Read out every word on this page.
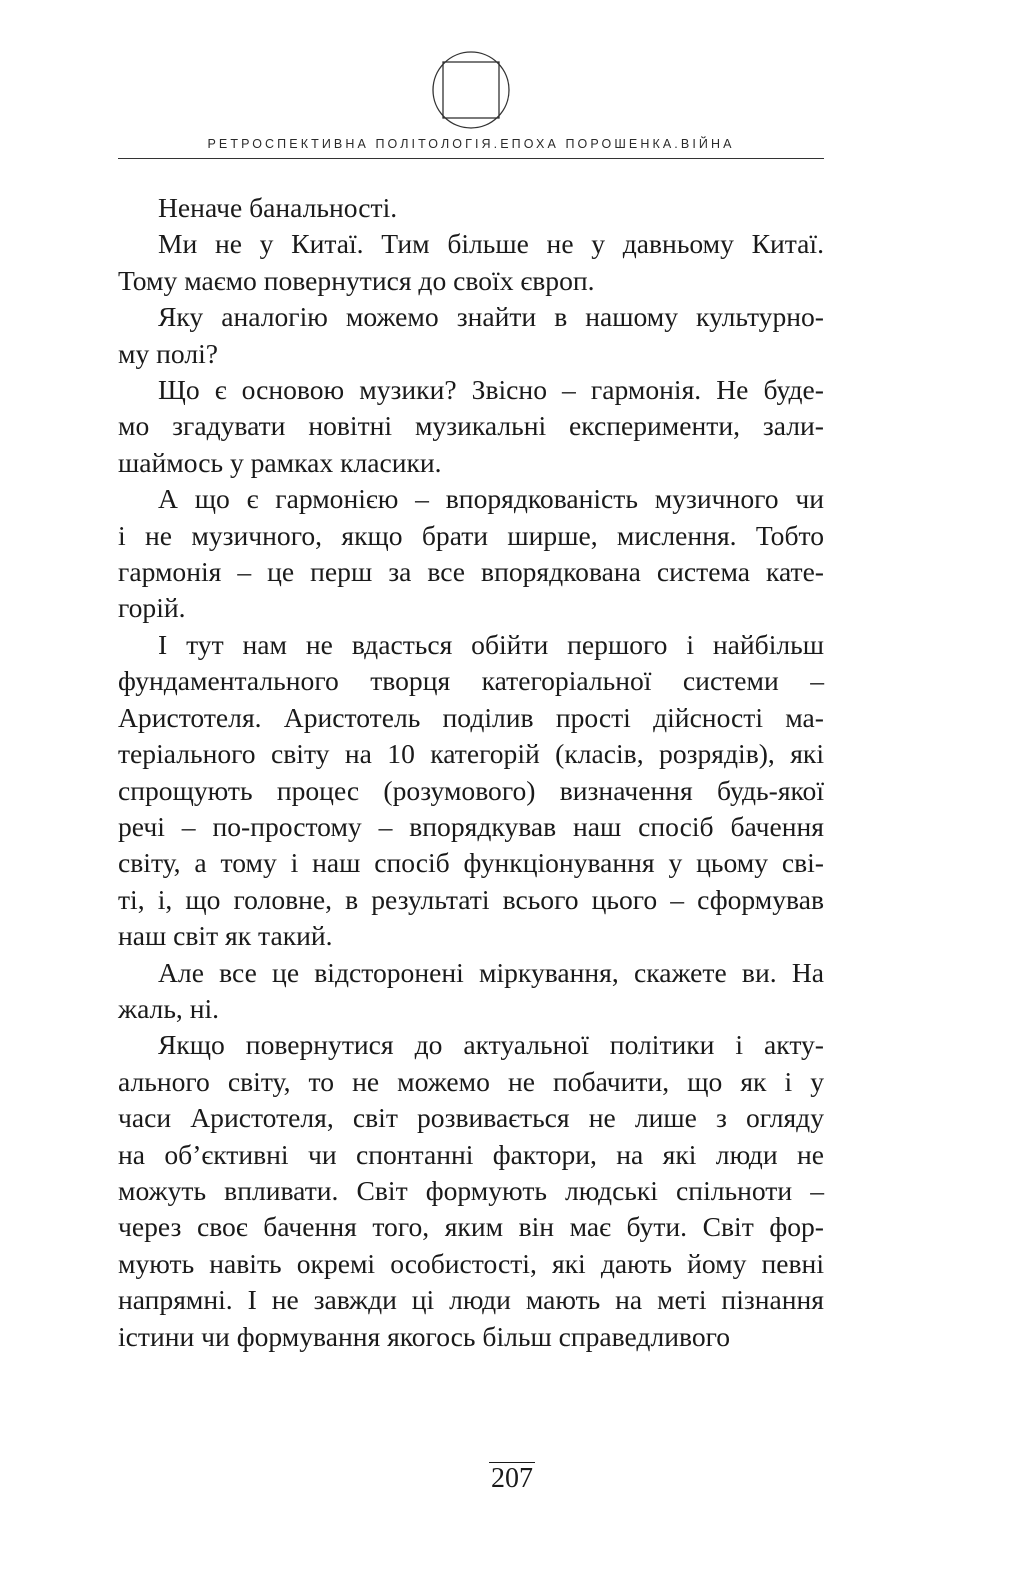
РЕТРОСПЕКТИВНА ПОЛІТОЛОГІЯ.ЕПОХА ПОРОШЕНКА.ВІЙНА

Неначе банальності.

Ми не у Китаї. Тим більше не у давньому Китаї.
Тому маємо повернутися до своїх європ.

Яку аналогію можемо знайти в нашому культурно-
му полі?

Що є основою музики? Звісно – гармонія. Не буде-
мо згадувати новітні музикальні експерименти, зали-
шаймось у рамках класики.

А що є гармонією – впорядкованість музичного чи
і не музичного, якщо брати ширше, мислення. Тобто
гармонія – це перш за все впорядкована система кате-
горій.

І тут нам не вдасться обійти першого і найбільш
фундаментального творця категоріальної системи –
Аристотеля. Аристотель поділив прості дійсності ма-
теріального світу на 10 категорій (класів, розрядів), які
спрощують процес (розумового) визначення будь-якої
речі – по-простому – впорядкував наш спосіб бачення
світу, а тому і наш спосіб функціонування у цьому сві-
ті, і, що головне, в результаті всього цього – сформував
наш світ як такий.

Але все це відсторонені міркування, скажете ви. На
жаль, ні.

Якщо повернутися до актуальної політики і акту-
ального світу, то не можемо не побачити, що як і у
часи Аристотеля, світ розвивається не лише з огляду
на об’єктивні чи спонтанні фактори, на які люди не
можуть впливати. Світ формують людські спільноти –
через своє бачення того, яким він має бути. Світ фор-
мують навіть окремі особистості, які дають йому певні
напрямні. І не завжди ці люди мають на меті пізнання
істини чи формування якогось більш справедливого

207
